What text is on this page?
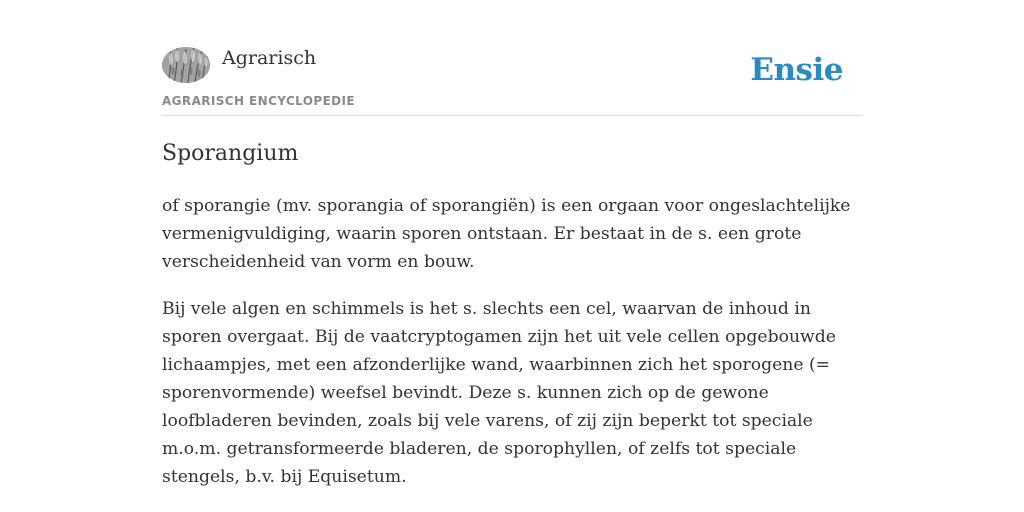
Agrarisch
AGRARISCH ENCYCLOPEDIE
Ensie
Sporangium

of sporangie (mv. sporangia of sporangiën) is een orgaan voor ongeslachtelijke vermenigvuldiging, waarin sporen ontstaan. Er bestaat in de s. een grote verscheidenheid van vorm en bouw.

Bij vele algen en schimmels is het s. slechts een cel, waarvan de inhoud in sporen overgaat. Bij de vaatcryptogamen zijn het uit vele cellen opgebouwde lichaampjes, met een afzonderlijke wand, waarbinnen zich het sporogene (= sporenvormende) weefsel bevindt. Deze s. kunnen zich op de gewone loofbladeren bevinden, zoals bij vele varens, of zij zijn beperkt tot speciale m.o.m. getransformeerde bladeren, de sporophyllen, of zelfs tot speciale stengels, b.v. bij Equisetum.
